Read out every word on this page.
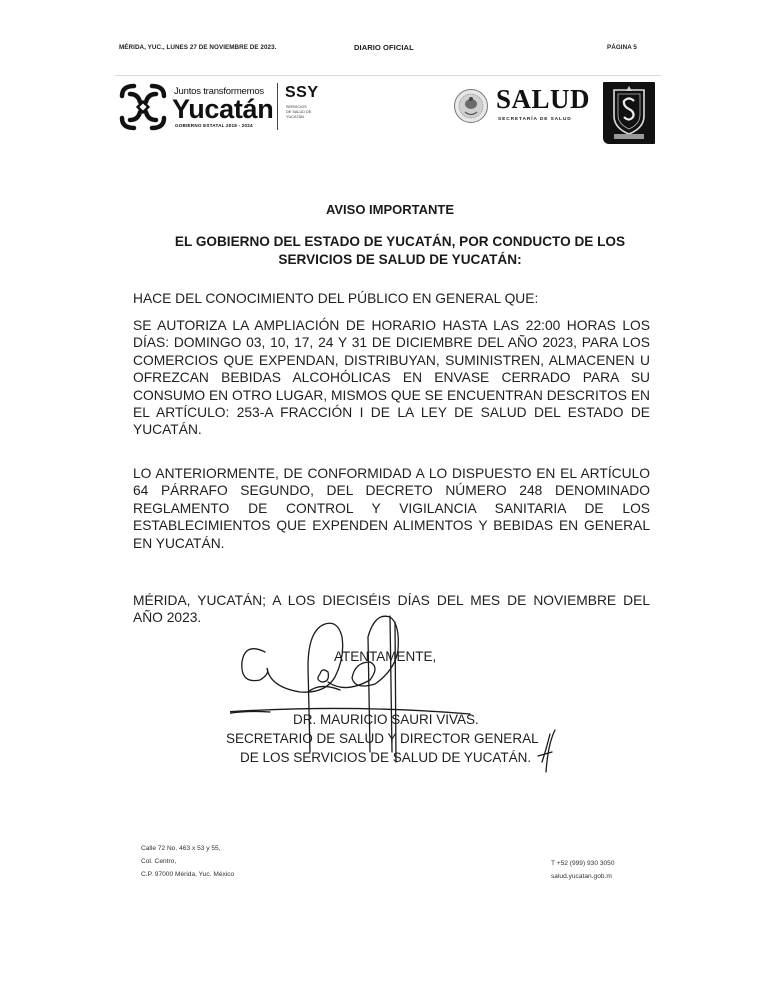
MÉRIDA, YUC., LUNES 27 DE NOVIEMBRE DE 2023.	DIARIO OFICIAL	PÁGINA 5
Juntos transformemos
Yucatán
GOBIERNO ESTATAL 2018 - 2024
SSY
SERVICIOS
DE SALUD DE
YUCATÁN
SALUD
SECRETARÍA DE SALUD
AVISO IMPORTANTE
EL GOBIERNO DEL ESTADO DE YUCATÁN, POR CONDUCTO DE LOS SERVICIOS DE SALUD DE YUCATÁN:
HACE DEL CONOCIMIENTO DEL PÚBLICO EN GENERAL QUE:
SE AUTORIZA LA AMPLIACIÓN DE HORARIO HASTA LAS 22:00 HORAS LOS DÍAS: DOMINGO 03, 10, 17, 24 Y 31 DE DICIEMBRE DEL AÑO 2023, PARA LOS COMERCIOS QUE EXPENDAN, DISTRIBUYAN, SUMINISTREN, ALMACENEN U OFREZCAN BEBIDAS ALCOHÓLICAS EN ENVASE CERRADO PARA SU CONSUMO EN OTRO LUGAR, MISMOS QUE SE ENCUENTRAN DESCRITOS EN EL ARTÍCULO: 253-A FRACCIÓN I DE LA LEY DE SALUD DEL ESTADO DE YUCATÁN.
LO ANTERIORMENTE, DE CONFORMIDAD A LO DISPUESTO EN EL ARTÍCULO 64 PÁRRAFO SEGUNDO, DEL DECRETO NÚMERO 248 DENOMINADO REGLAMENTO DE CONTROL Y VIGILANCIA SANITARIA DE LOS ESTABLECIMIENTOS QUE EXPENDEN ALIMENTOS Y BEBIDAS EN GENERAL EN YUCATÁN.
MÉRIDA, YUCATÁN; A LOS DIECISÉIS DÍAS DEL MES DE NOVIEMBRE DEL AÑO 2023.
ATENTAMENTE,
DR. MAURICIO SAURI VIVAS.
SECRETARIO DE SALUD Y DIRECTOR GENERAL
DE LOS SERVICIOS DE SALUD DE YUCATÁN.
Calle 72 No. 463 x 53 y 55,
Col. Centro,
C.P. 97000 Mérida, Yuc. México
T +52 (999) 930 3050
salud.yucatan.gob.m
